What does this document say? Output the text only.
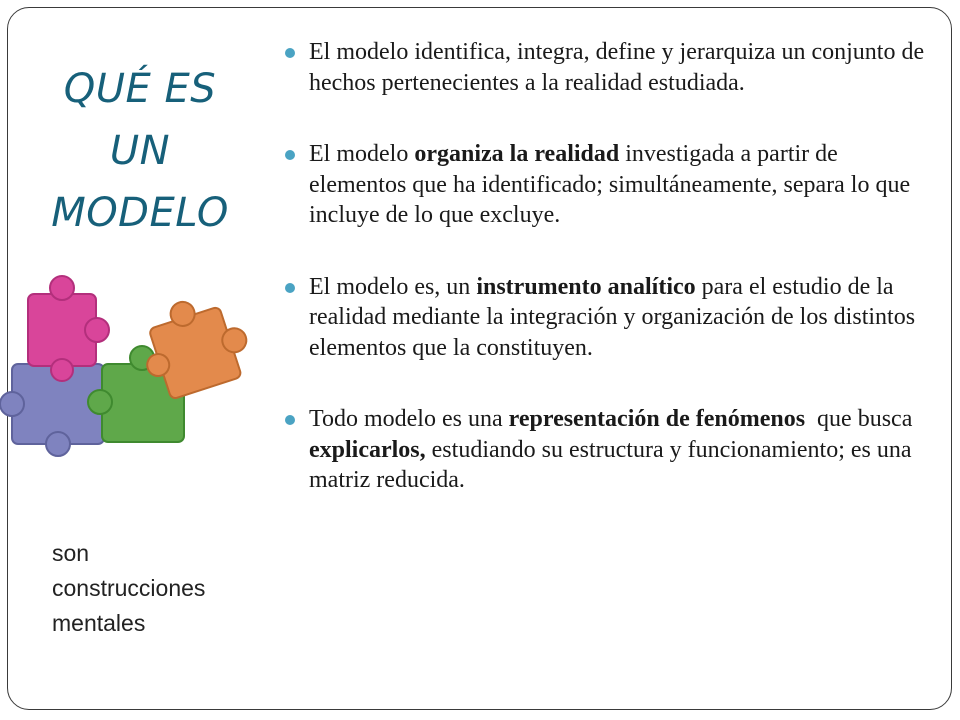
QUÉ ES
UN
MODELO
son
construcciones
mentales
El modelo identifica, integra, define y jerarquiza un conjunto de hechos pertenecientes a la realidad estudiada.
El modelo organiza la realidad investigada a partir de elementos que ha identificado; simultáneamente, separa lo que incluye de lo que excluye.
El modelo es, un instrumento analítico para el estudio de la realidad mediante la integración y organización de los distintos elementos que la constituyen.
Todo modelo es una representación de fenómenos  que busca explicarlos, estudiando su estructura y funcionamiento; es una matriz reducida.
